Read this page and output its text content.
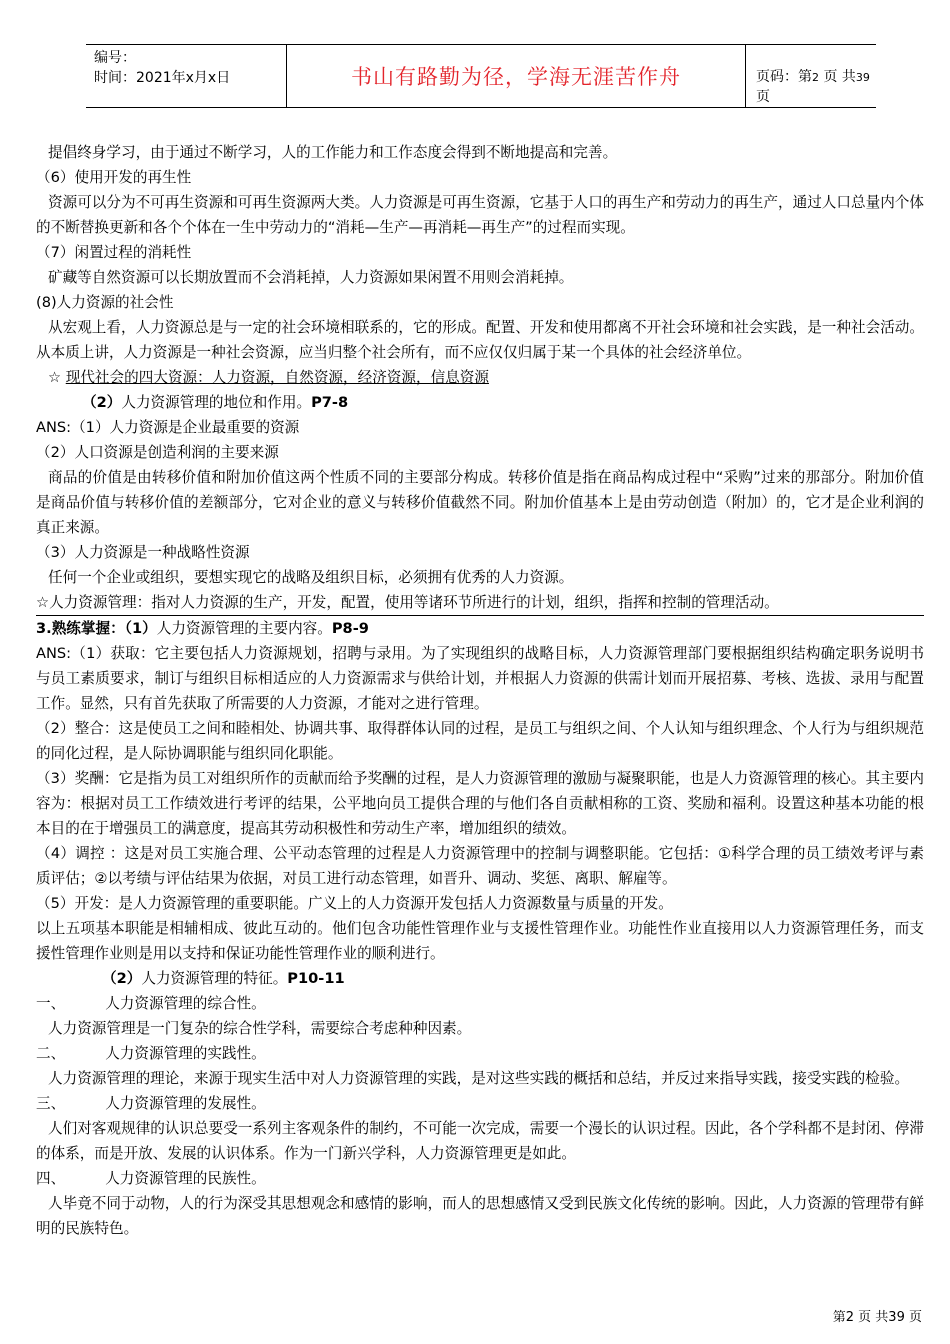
编号：
时间：2021年x月x日	书山有路勤为径，学海无涯苦作舟	页码：第2 页 共39 页

提倡终身学习，由于通过不断学习，人的工作能力和工作态度会得到不断地提高和完善。

（6）使用开发的再生性

资源可以分为不可再生资源和可再生资源两大类。人力资源是可再生资源，它基于人口的再生产和劳动力的再生产，通过人口总量内个体的不断替换更新和各个个体在一生中劳动力的“消耗—生产—再消耗—再生产”的过程而实现。

（7）闲置过程的消耗性

矿藏等自然资源可以长期放置而不会消耗掉，人力资源如果闲置不用则会消耗掉。

(8)人力资源的社会性

从宏观上看，人力资源总是与一定的社会环境相联系的，它的形成。配置、开发和使用都离不开社会环境和社会实践，是一种社会活动。从本质上讲，人力资源是一种社会资源，应当归整个社会所有，而不应仅仅归属于某一个具体的社会经济单位。

☆ 现代社会的四大资源：人力资源，自然资源，经济资源，信息资源

（2）人力资源管理的地位和作用。P7-8

ANS:（1）人力资源是企业最重要的资源

（2）人口资源是创造利润的主要来源

商品的价值是由转移价值和附加价值这两个性质不同的主要部分构成。转移价值是指在商品构成过程中“采购”过来的那部分。附加价值是商品价值与转移价值的差额部分，它对企业的意义与转移价值截然不同。附加价值基本上是由劳动创造（附加）的，它才是企业利润的真正来源。

（3）人力资源是一种战略性资源

任何一个企业或组织，要想实现它的战略及组织目标，必须拥有优秀的人力资源。

☆人力资源管理：指对人力资源的生产，开发，配置，使用等诸环节所进行的计划，组织，指挥和控制的管理活动。

3.熟练掌握：（1）人力资源管理的主要内容。P8-9

ANS:（1）获取：它主要包括人力资源规划，招聘与录用。为了实现组织的战略目标，人力资源管理部门要根据组织结构确定职务说明书与员工素质要求，制订与组织目标相适应的人力资源需求与供给计划，并根据人力资源的供需计划而开展招募、考核、选拔、录用与配置工作。显然，只有首先获取了所需要的人力资源，才能对之进行管理。

（2）整合：这是使员工之间和睦相处、协调共事、取得群体认同的过程，是员工与组织之间、个人认知与组织理念、个人行为与组织规范的同化过程，是人际协调职能与组织同化职能。

（3）奖酬：它是指为员工对组织所作的贡献而给予奖酬的过程，是人力资源管理的激励与凝聚职能，也是人力资源管理的核心。其主要内容为：根据对员工工作绩效进行考评的结果，公平地向员工提供合理的与他们各自贡献相称的工资、奖励和福利。设置这种基本功能的根本目的在于增强员工的满意度，提高其劳动积极性和劳动生产率，增加组织的绩效。

（4）调控 ：这是对员工实施合理、公平动态管理的过程是人力资源管理中的控制与调整职能。它包括：①科学合理的员工绩效考评与素质评估；②以考绩与评估结果为依据，对员工进行动态管理，如晋升、调动、奖惩、离职、解雇等。

（5）开发：是人力资源管理的重要职能。广义上的人力资源开发包括人力资源数量与质量的开发。

以上五项基本职能是相辅相成、彼此互动的。他们包含功能性管理作业与支援性管理作业。功能性作业直接用以人力资源管理任务，而支援性管理作业则是用以支持和保证功能性管理作业的顺利进行。

（2）人力资源管理的特征。P10-11

一、	人力资源管理的综合性。

人力资源管理是一门复杂的综合性学科，需要综合考虑种种因素。

二、	人力资源管理的实践性。

人力资源管理的理论，来源于现实生活中对人力资源管理的实践，是对这些实践的概括和总结，并反过来指导实践，接受实践的检验。

三、	人力资源管理的发展性。

人们对客观规律的认识总要受一系列主客观条件的制约，不可能一次完成，需要一个漫长的认识过程。因此，各个学科都不是封闭、停滞的体系，而是开放、发展的认识体系。作为一门新兴学科，人力资源管理更是如此。

四、	人力资源管理的民族性。

人毕竟不同于动物，人的行为深受其思想观念和感情的影响，而人的思想感情又受到民族文化传统的影响。因此，人力资源的管理带有鲜明的民族特色。

第2 页 共39 页
